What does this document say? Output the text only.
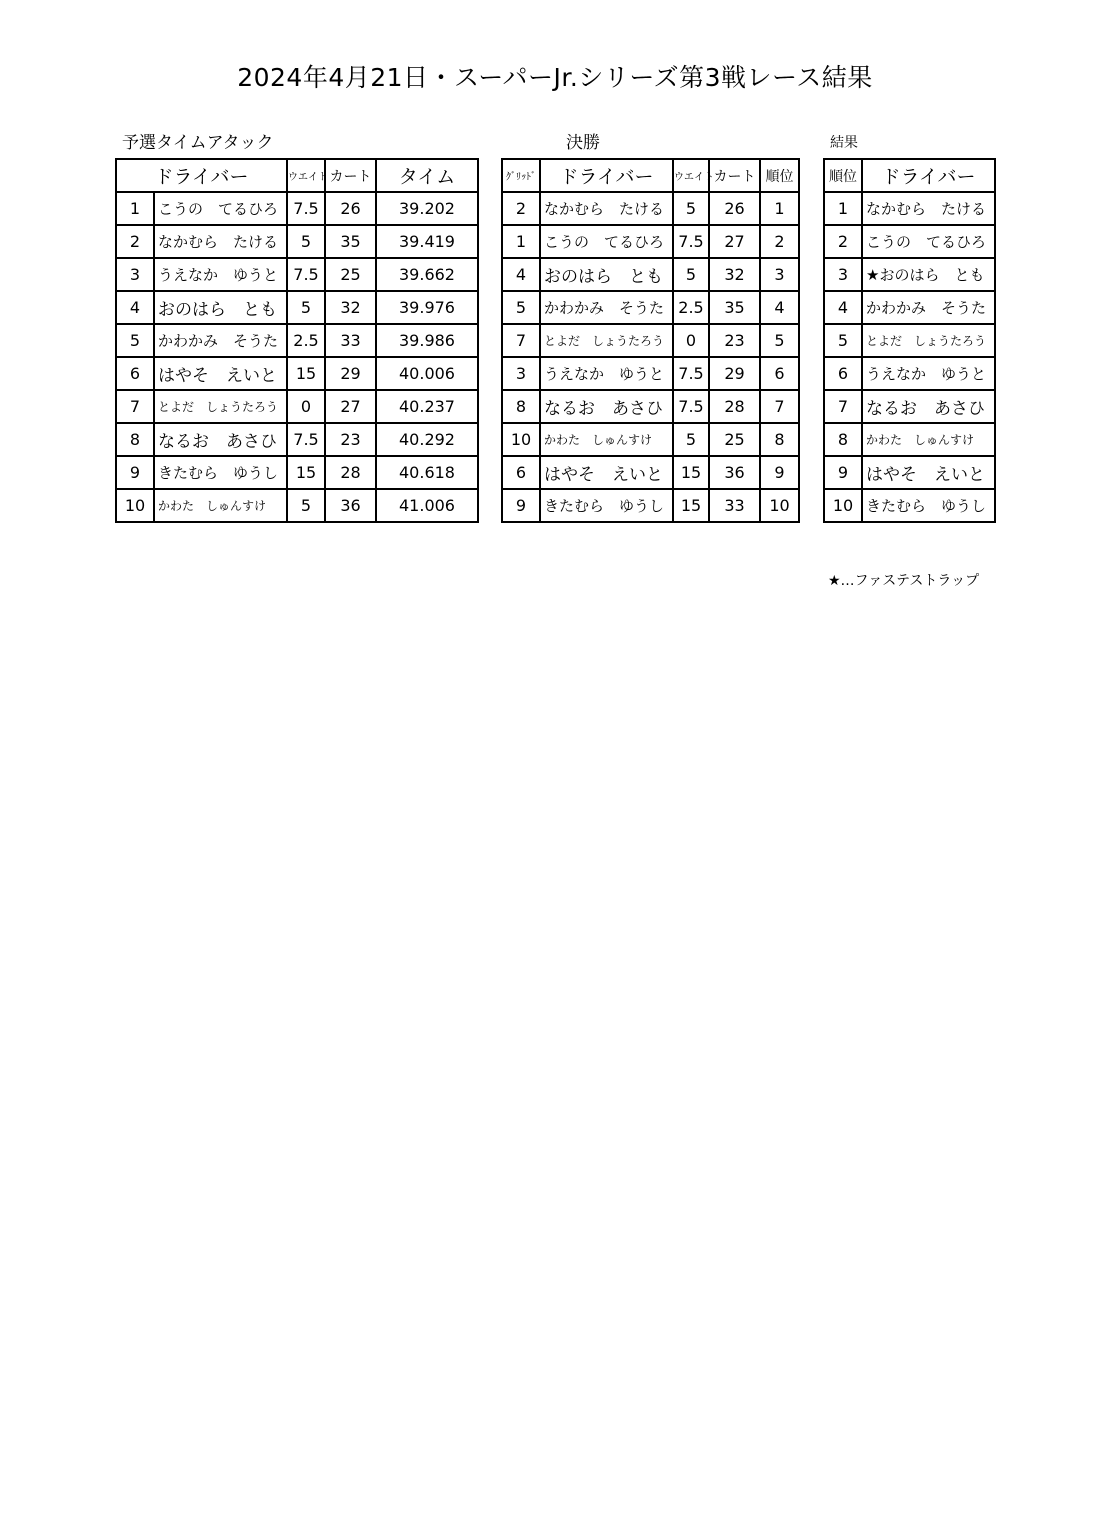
2024年4月21日・スーパーJr.シリーズ第3戦レース結果
予選タイムアタック	決勝	結果
ドライバー		ウエイト	カート	タイム
1	こうの　てるひろ	7.5	26	39.202
2	なかむら　たける	5	35	39.419
3	うえなか　ゆうと	7.5	25	39.662
4	おのはら　とも	5	32	39.976
5	かわかみ　そうた	2.5	33	39.986
6	はやそ　えいと	15	29	40.006
7	とよだ　しょうたろう	0	27	40.237
8	なるお　あさひ	7.5	23	40.292
9	きたむら　ゆうし	15	28	40.618
10	かわた　しゅんすけ	5	36	41.006
ｸﾞﾘｯﾄﾞ	ドライバー	ウエイト	カート	順位
2	なかむら　たける	5	26	1
1	こうの　てるひろ	7.5	27	2
4	おのはら　とも	5	32	3
5	かわかみ　そうた	2.5	35	4
7	とよだ　しょうたろう	0	23	5
3	うえなか　ゆうと	7.5	29	6
8	なるお　あさひ	7.5	28	7
10	かわた　しゅんすけ	5	25	8
6	はやそ　えいと	15	36	9
9	きたむら　ゆうし	15	33	10
順位	ドライバー
1	なかむら　たける
2	こうの　てるひろ
3	★おのはら　とも
4	かわかみ　そうた
5	とよだ　しょうたろう
6	うえなか　ゆうと
7	なるお　あさひ
8	かわた　しゅんすけ
9	はやそ　えいと
10	きたむら　ゆうし
★…ファステストラップ
